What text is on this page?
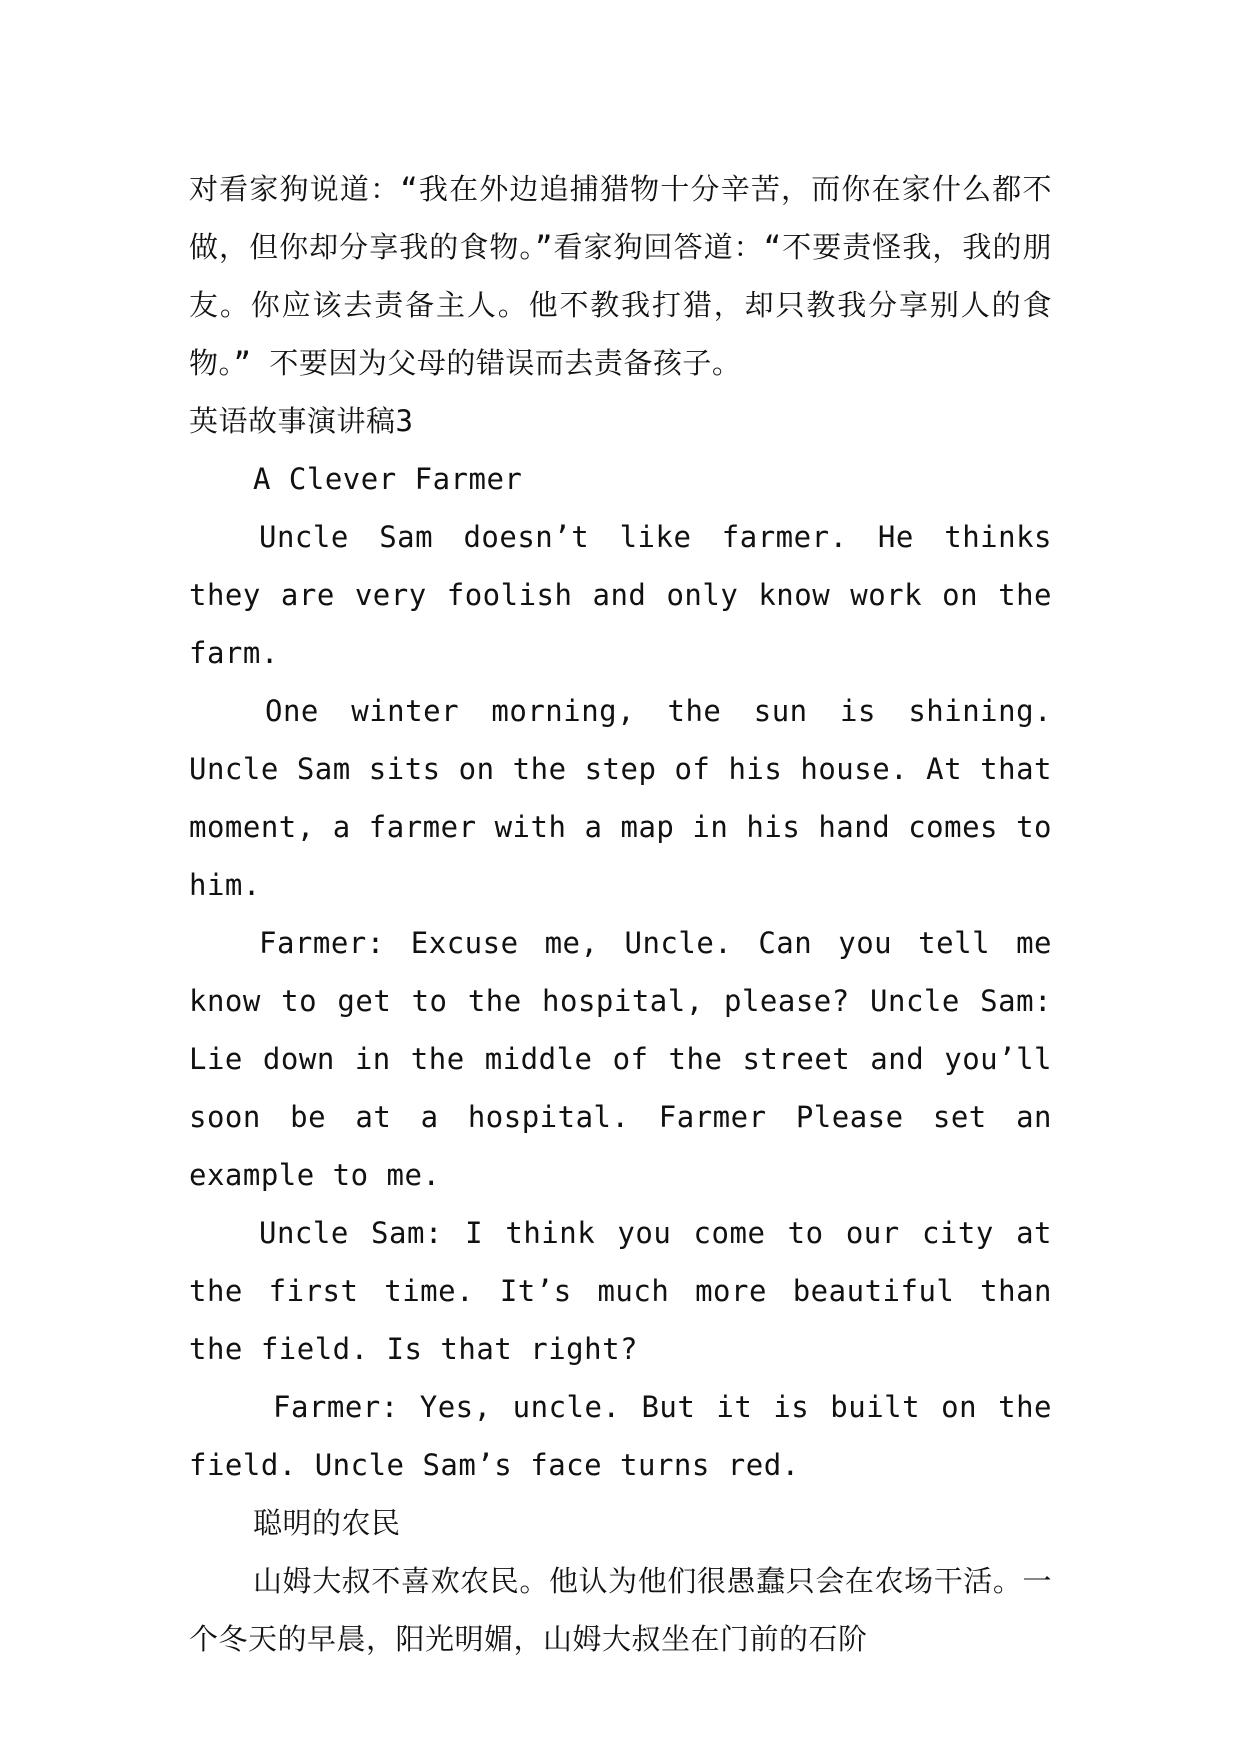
对看家狗说道：“我在外边追捕猎物十分辛苦，而你在家什么都不做，但你却分享我的食物。”看家狗回答道：“不要责怪我，我的朋友。你应该去责备主人。他不教我打猎，却只教我分享别人的食物。” 不要因为父母的错误而去责备孩子。

英语故事演讲稿3

A Clever Farmer

Uncle Sam doesn’t like farmer. He thinks they are very foolish and only know work on the farm.

One winter morning, the sun is shining. Uncle Sam sits on the step of his house. At that moment, a farmer with a map in his hand comes to him.

Farmer: Excuse me, Uncle. Can you tell me know to get to the hospital, please? Uncle Sam: Lie down in the middle of the street and you’ll soon be at a hospital. Farmer Please set an example to me.

Uncle Sam: I think you come to our city at the first time. It’s much more beautiful than the field. Is that right?

Farmer: Yes, uncle. But it is built on the field. Uncle Sam’s face turns red.

聪明的农民

山姆大叔不喜欢农民。他认为他们很愚蠢只会在农场干活。一个冬天的早晨，阳光明媚，山姆大叔坐在门前的石阶
